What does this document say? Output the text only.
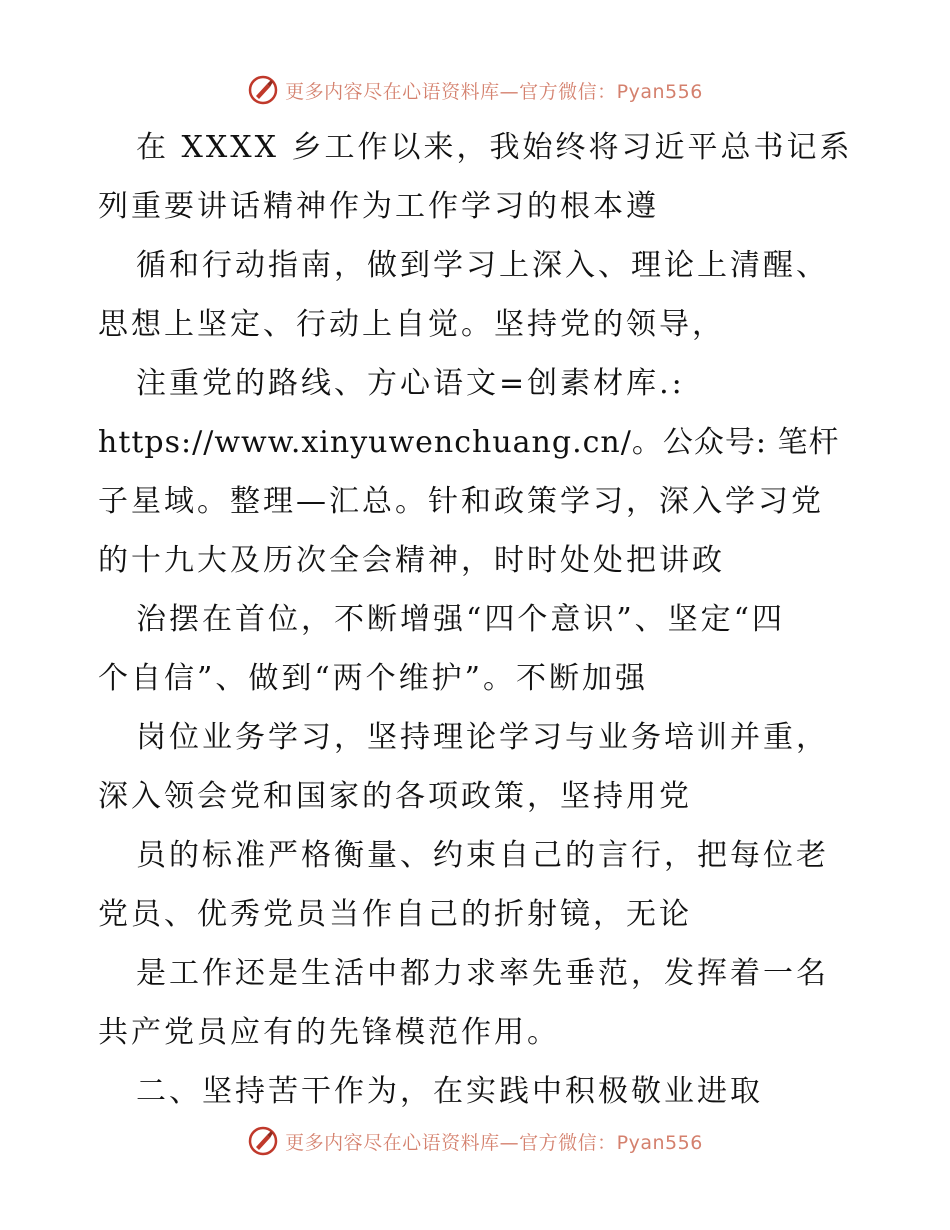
更多内容尽在心语资料库—官方微信：Pyan556
在 XXXX 乡工作以来，我始终将习近平总书记系
列重要讲话精神作为工作学习的根本遵
循和行动指南，做到学习上深入、理论上清醒、
思想上坚定、行动上自觉。坚持党的领导，
注重党的路线、方心语文=创素材库.:
https://www.xinyuwenchuang.cn/。公众号: 笔杆
子星域。整理—汇总。针和政策学习，深入学习党
的十九大及历次全会精神，时时处处把讲政
治摆在首位，不断增强“四个意识”、坚定“四
个自信”、做到“两个维护”。不断加强
岗位业务学习，坚持理论学习与业务培训并重，
深入领会党和国家的各项政策，坚持用党
员的标准严格衡量、约束自己的言行，把每位老
党员、优秀党员当作自己的折射镜，无论
是工作还是生活中都力求率先垂范，发挥着一名
共产党员应有的先锋模范作用。
二、坚持苦干作为，在实践中积极敬业进取
更多内容尽在心语资料库—官方微信：Pyan556
